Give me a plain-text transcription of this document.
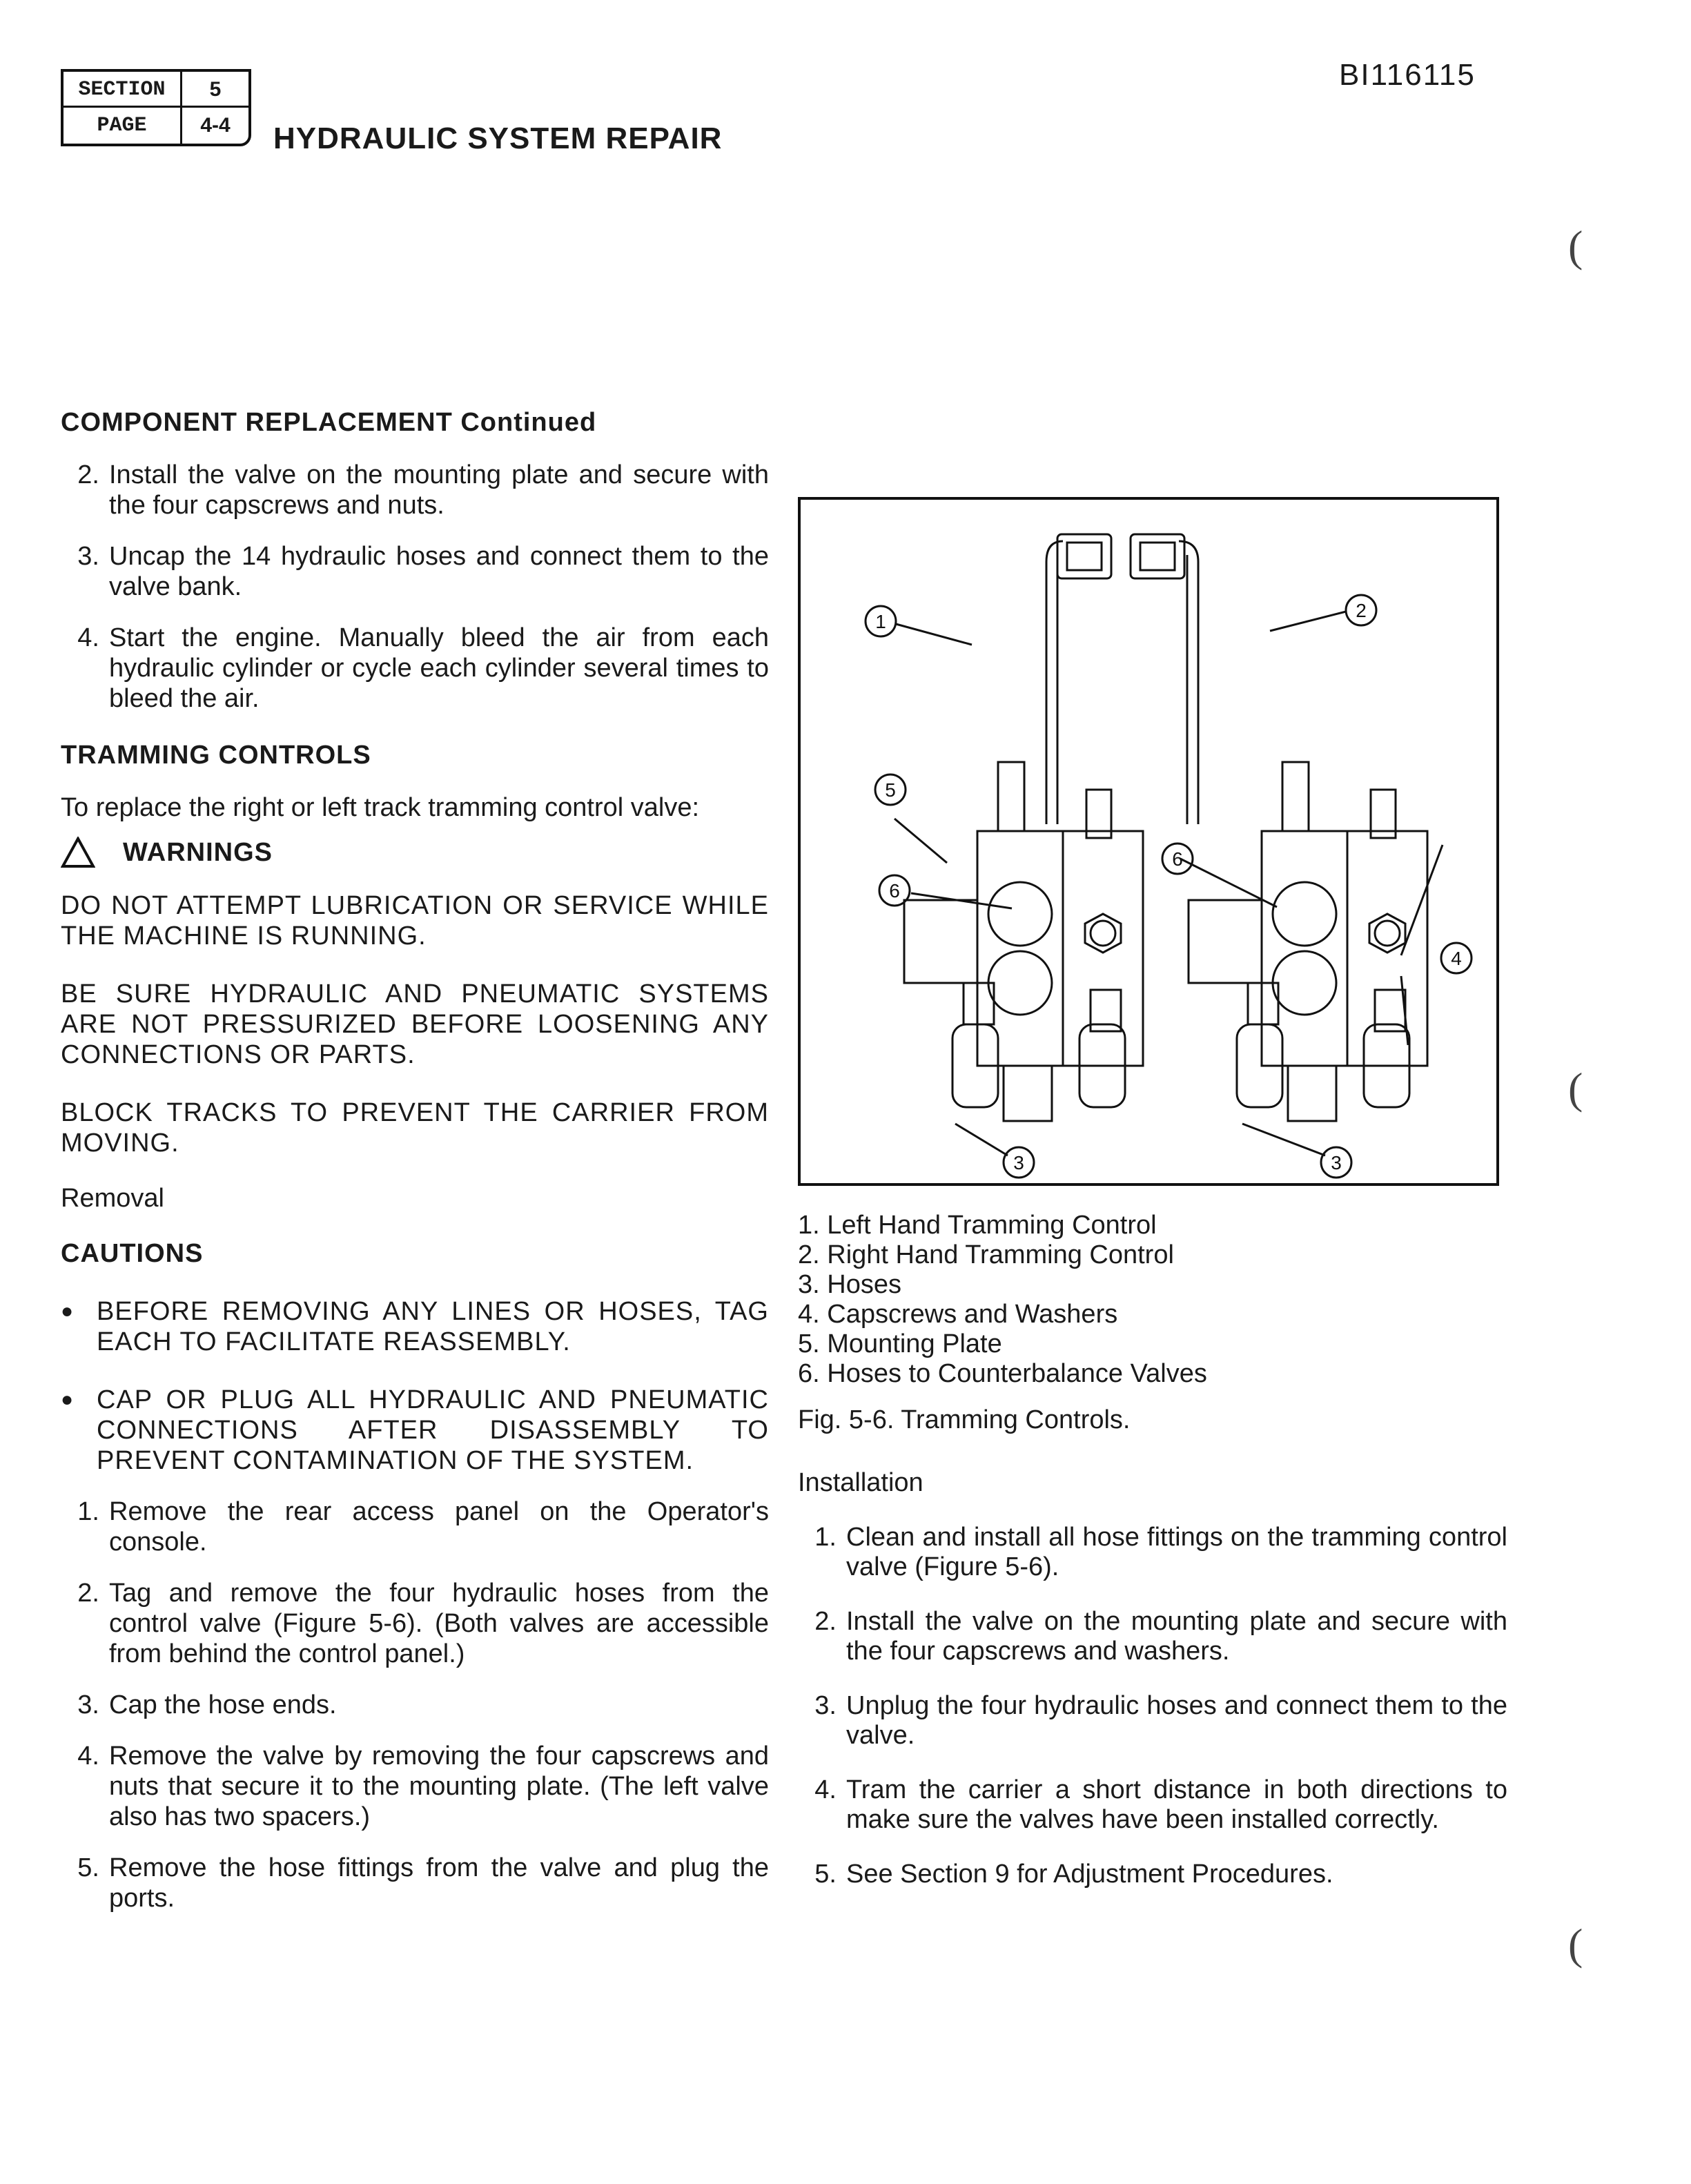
SECTION	5
PAGE	4-4	HYDRAULIC SYSTEM REPAIR
BI116115
COMPONENT REPLACEMENT Continued
2. Install the valve on the mounting plate and secure with the four capscrews and nuts.
3. Uncap the 14 hydraulic hoses and connect them to the valve bank.
4. Start the engine. Manually bleed the air from each hydraulic cylinder or cycle each cylinder several times to bleed the air.
TRAMMING CONTROLS

To replace the right or left track tramming control valve:

WARNINGS

DO NOT ATTEMPT LUBRICATION OR SERVICE WHILE THE MACHINE IS RUNNING.

BE SURE HYDRAULIC AND PNEUMATIC SYSTEMS ARE NOT PRESSURIZED BEFORE LOOSENING ANY CONNECTIONS OR PARTS.

BLOCK TRACKS TO PREVENT THE CARRIER FROM MOVING.

Removal

CAUTIONS
● BEFORE REMOVING ANY LINES OR HOSES, TAG EACH TO FACILITATE REASSEMBLY.
● CAP OR PLUG ALL HYDRAULIC AND PNEUMATIC CONNECTIONS AFTER DISASSEMBLY TO PREVENT CONTAMINATION OF THE SYSTEM.
1. Remove the rear access panel on the Operator's console.
2. Tag and remove the four hydraulic hoses from the control valve (Figure 5-6). (Both valves are accessible from behind the control panel.)
3. Cap the hose ends.
4. Remove the valve by removing the four capscrews and nuts that secure it to the mounting plate. (The left valve also has two spacers.)
5. Remove the hose fittings from the valve and plug the ports.
1
2
3	3
4
5
6
6
1. Left Hand Tramming Control
2. Right Hand Tramming Control
3. Hoses
4. Capscrews and Washers
5. Mounting Plate
6. Hoses to Counterbalance Valves
Fig. 5-6. Tramming Controls.
Installation
1. Clean and install all hose fittings on the tramming control valve (Figure 5-6).
2. Install the valve on the mounting plate and secure with the four capscrews and washers.
3. Unplug the four hydraulic hoses and connect them to the valve.
4. Tram the carrier a short distance in both directions to make sure the valves have been installed correctly.
5. See Section 9 for Adjustment Procedures.
(
(
(
